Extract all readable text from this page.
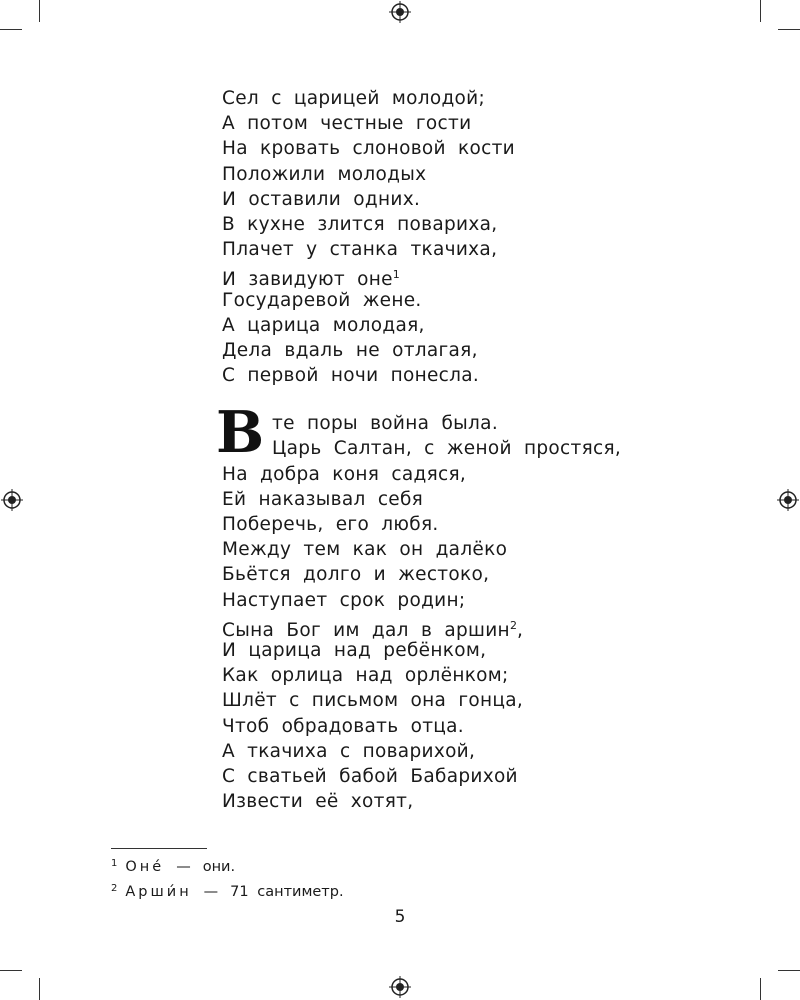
Сел с царицей молодой;
А потом честные гости
На кровать слоновой кости
Положили молодых
И оставили одних.
В кухне злится повариха,
Плачет у станка ткачиха,
И завидуют оне$^1$
Государевой жене.
А царица молодая,
Дела вдаль не отлагая,
С первой ночи понесла.
В те поры война была.
Царь Салтан, с женой простяся,
На добра коня садяся,
Ей наказывал себя
Поберечь, его любя.
Между тем как он далёко
Бьётся долго и жестоко,
Наступает срок родин;
Сына Бог им дал в аршин$^2$,
И царица над ребёнком,
Как орлица над орлёнком;
Шлёт с письмом она гонца,
Чтоб обрадовать отца.
А ткачиха с поварихой,
С сватьей бабой Бабарихой
Извести её хотят,
$^1$ Оне́ — они.
$^2$ Арши́н — 71 сантиметр.
5
